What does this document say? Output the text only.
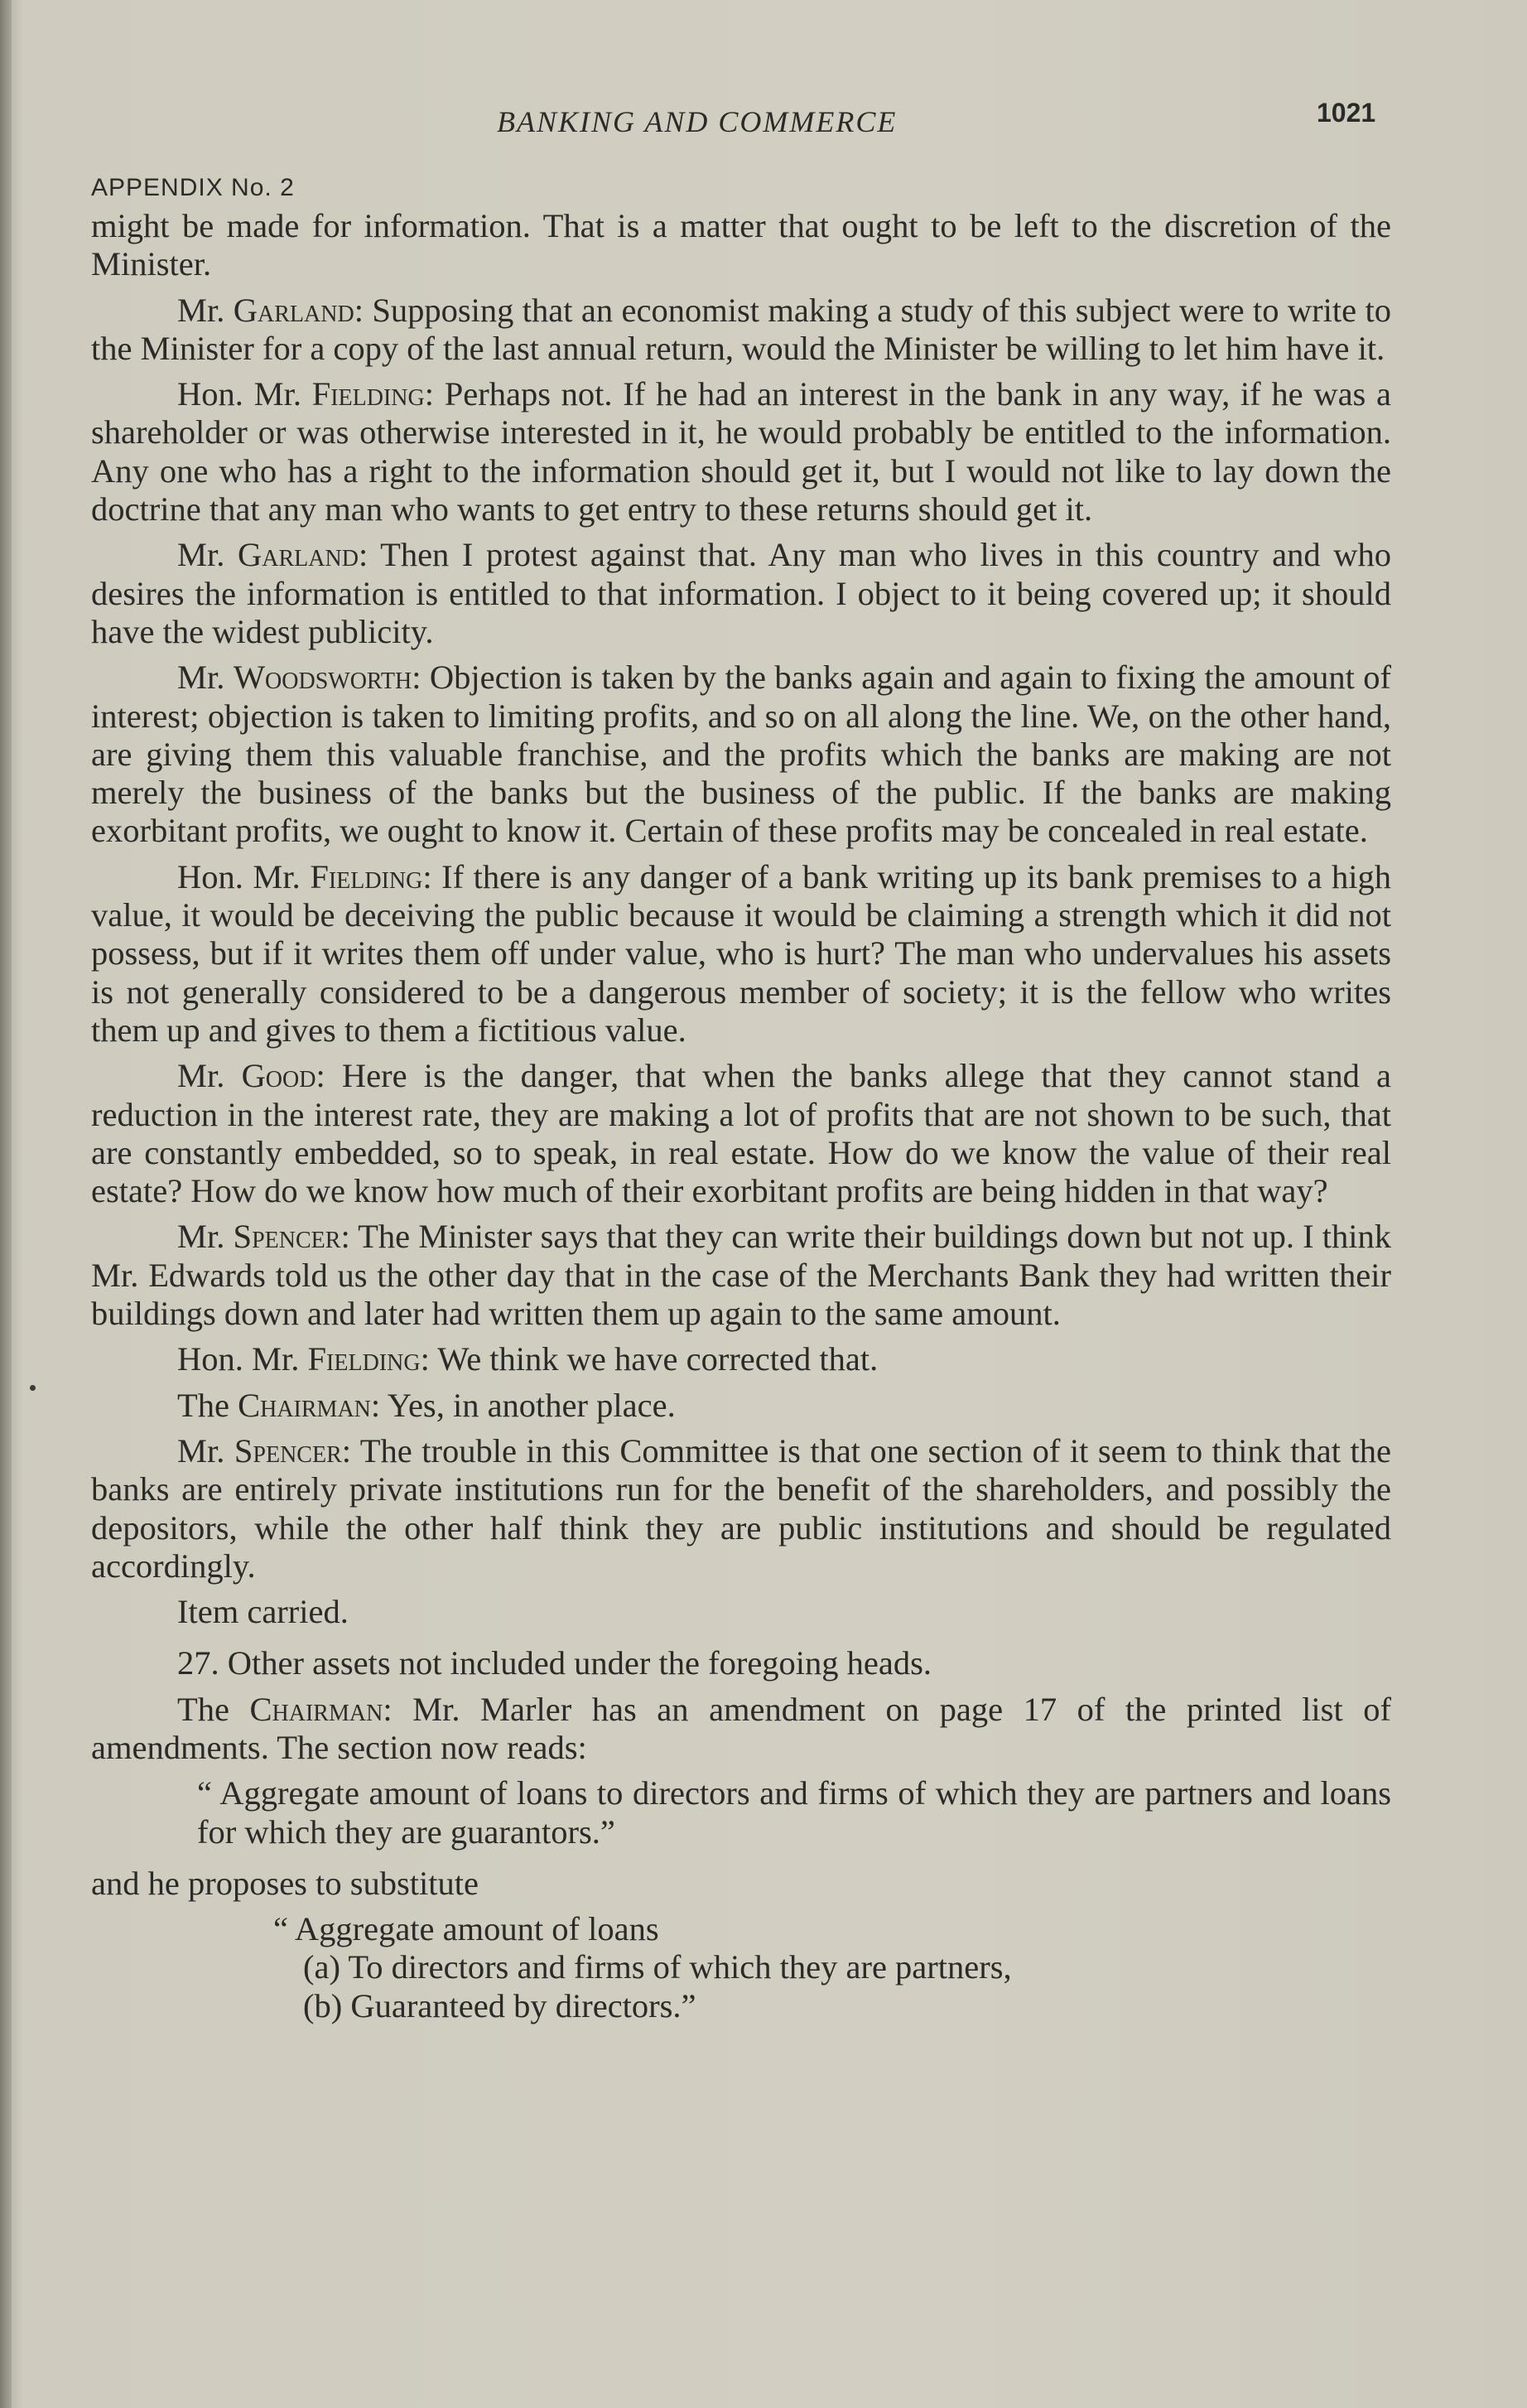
BANKING AND COMMERCE	1021
APPENDIX No. 2

might be made for information. That is a matter that ought to be left to the discretion of the Minister.

Mr. Garland: Supposing that an economist making a study of this subject were to write to the Minister for a copy of the last annual return, would the Minister be willing to let him have it.

Hon. Mr. Fielding: Perhaps not. If he had an interest in the bank in any way, if he was a shareholder or was otherwise interested in it, he would probably be entitled to the information. Any one who has a right to the information should get it, but I would not like to lay down the doctrine that any man who wants to get entry to these returns should get it.

Mr. Garland: Then I protest against that. Any man who lives in this country and who desires the information is entitled to that information. I object to it being covered up; it should have the widest publicity.

Mr. Woodsworth: Objection is taken by the banks again and again to fixing the amount of interest; objection is taken to limiting profits, and so on all along the line. We, on the other hand, are giving them this valuable franchise, and the profits which the banks are making are not merely the business of the banks but the business of the public. If the banks are making exorbitant profits, we ought to know it. Certain of these profits may be concealed in real estate.

Hon. Mr. Fielding: If there is any danger of a bank writing up its bank premises to a high value, it would be deceiving the public because it would be claiming a strength which it did not possess, but if it writes them off under value, who is hurt? The man who undervalues his assets is not generally considered to be a dangerous member of society; it is the fellow who writes them up and gives to them a fictitious value.

Mr. Good: Here is the danger, that when the banks allege that they cannot stand a reduction in the interest rate, they are making a lot of profits that are not shown to be such, that are constantly embedded, so to speak, in real estate. How do we know the value of their real estate? How do we know how much of their exorbitant profits are being hidden in that way?

Mr. Spencer: The Minister says that they can write their buildings down but not up. I think Mr. Edwards told us the other day that in the case of the Merchants Bank they had written their buildings down and later had written them up again to the same amount.

Hon. Mr. Fielding: We think we have corrected that.

The Chairman: Yes, in another place.

Mr. Spencer: The trouble in this Committee is that one section of it seem to think that the banks are entirely private institutions run for the benefit of the shareholders, and possibly the depositors, while the other half think they are public institutions and should be regulated accordingly.

Item carried.

27. Other assets not included under the foregoing heads.

The Chairman: Mr. Marler has an amendment on page 17 of the printed list of amendments. The section now reads:

“ Aggregate amount of loans to directors and firms of which they are partners and loans for which they are guarantors.”

and he proposes to substitute

“ Aggregate amount of loans

(a) To directors and firms of which they are partners,

(b) Guaranteed by directors.”
